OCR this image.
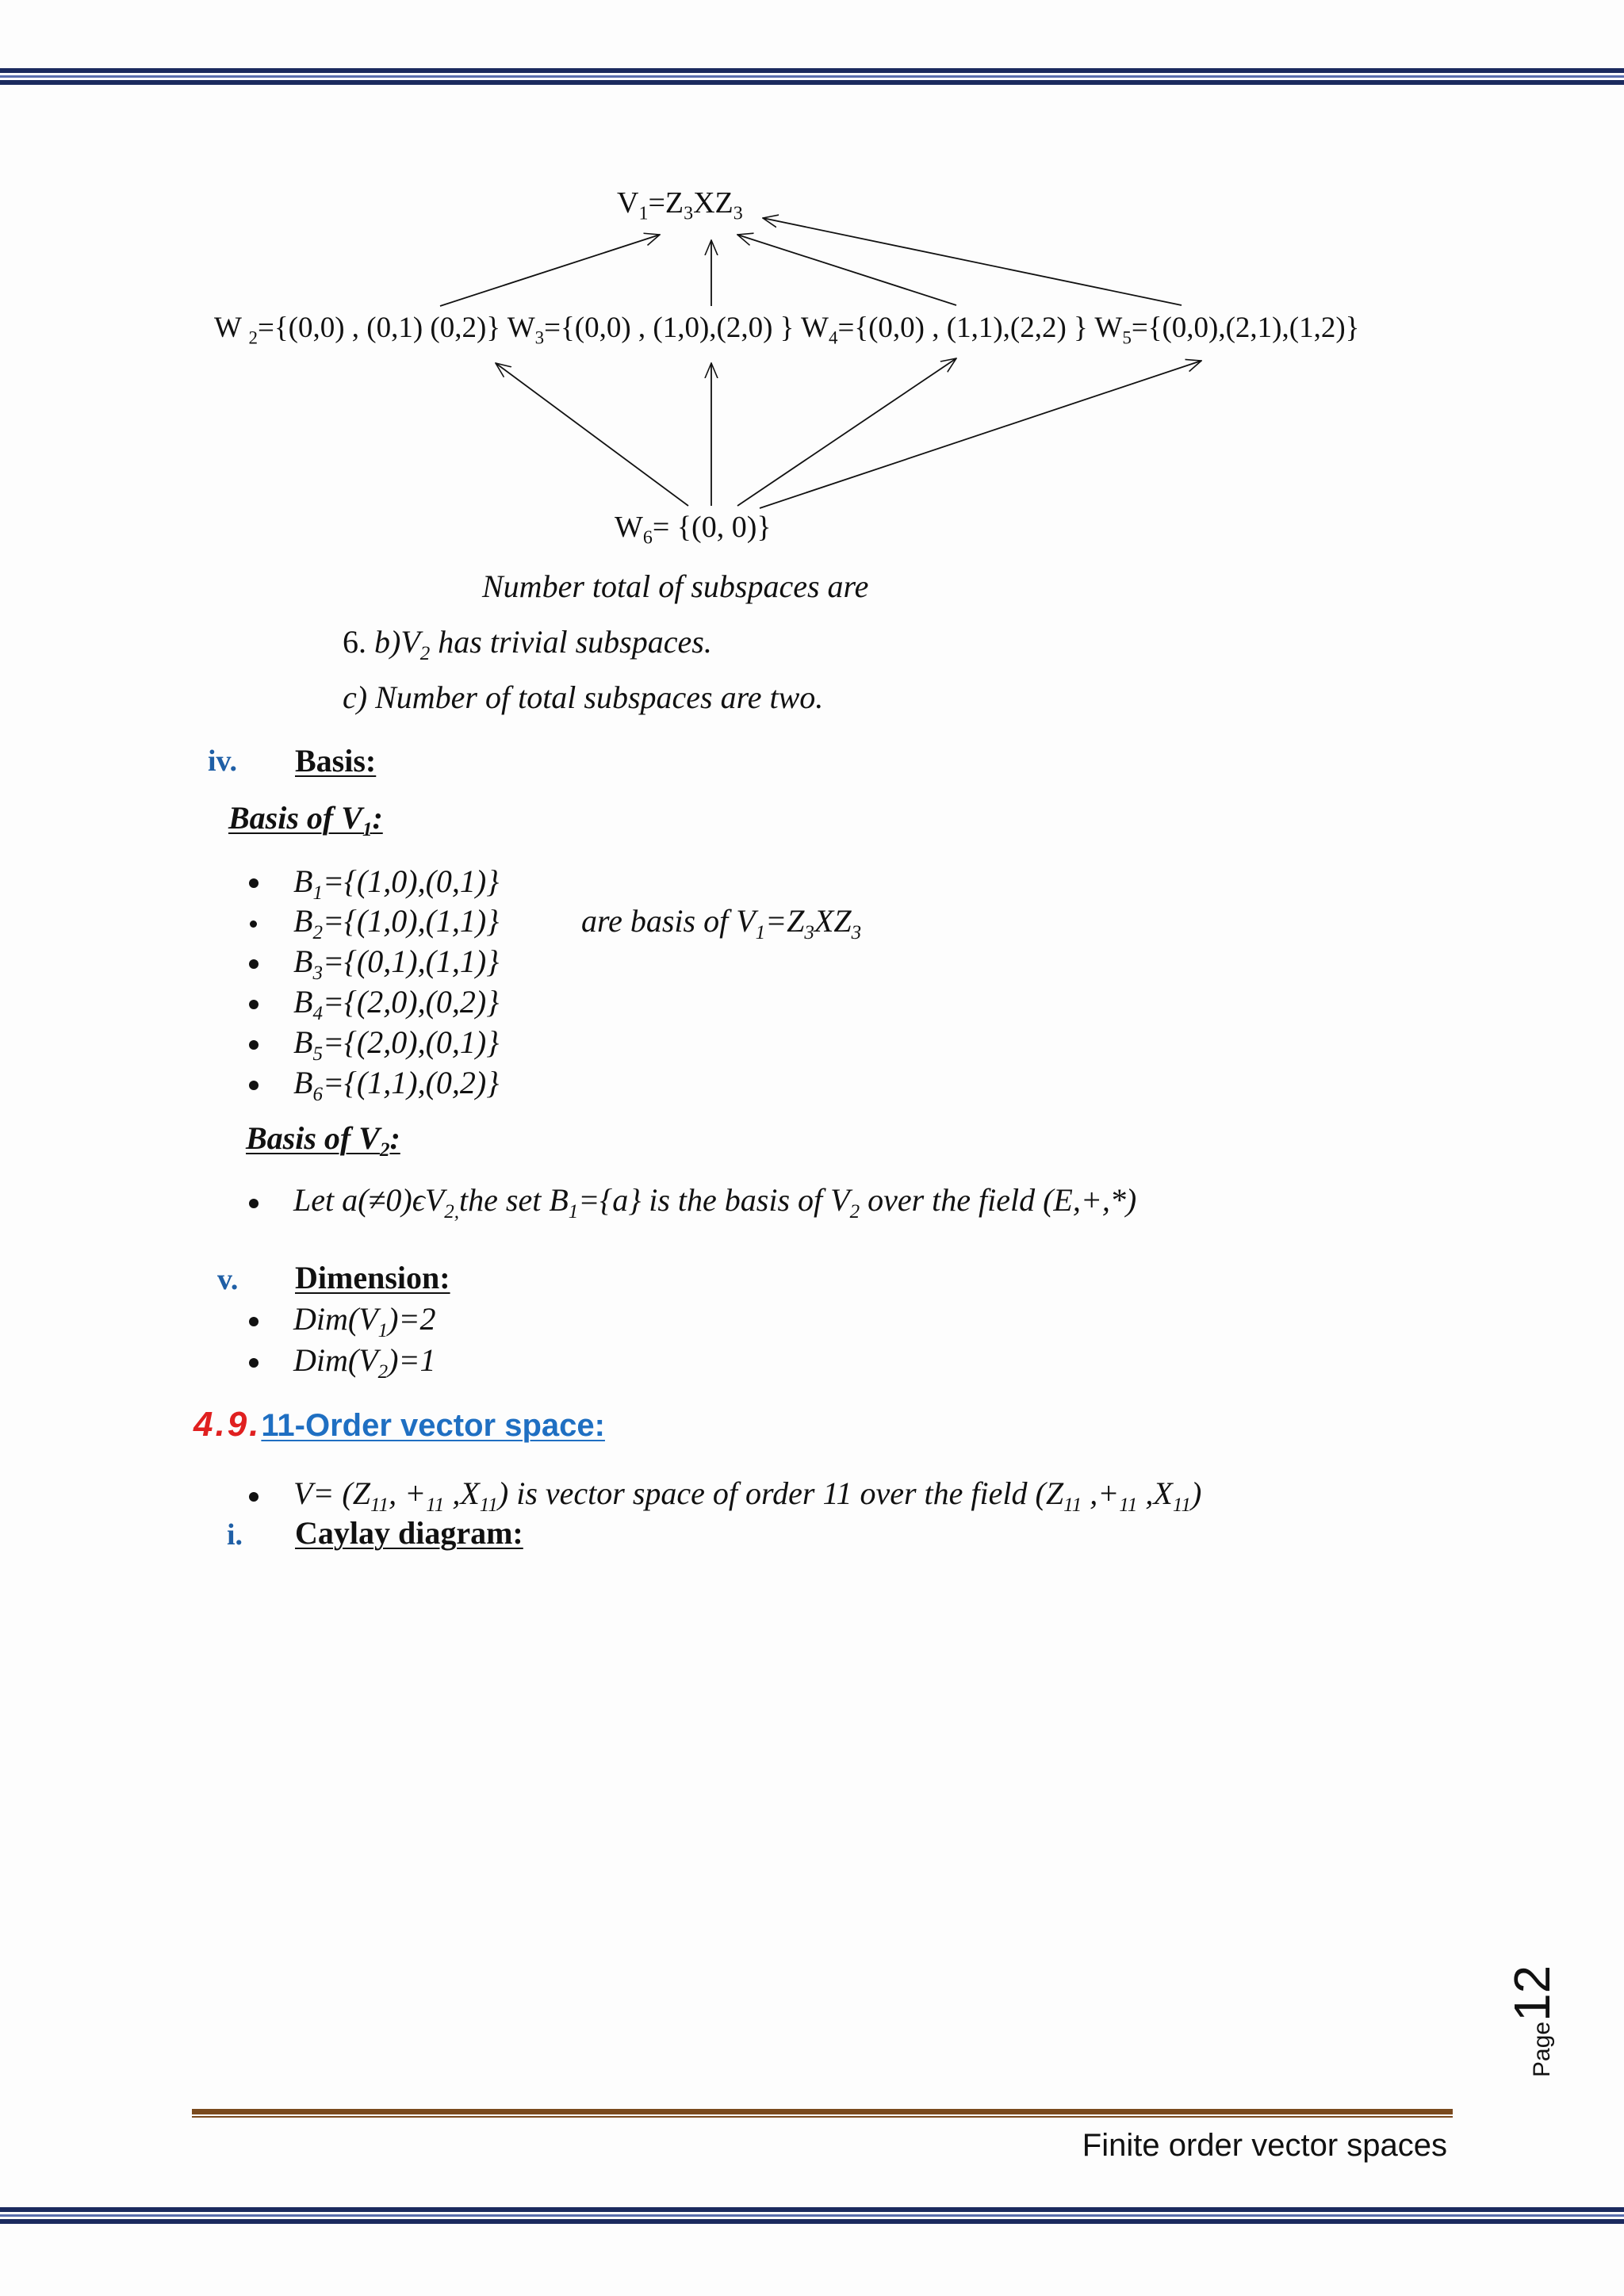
$V_1=Z_3XZ_3$
W $_2$={(0,0) , (0,1) (0,2)} $W_3=\{(0,0)$ , (1,0),(2,0) } $W_4=\{(0,0)$ , (1,1),(2,2) } $W_5=\{(0,0),(2,1),(1,2)\}$
$W_6= \{(0$, 0)}
Number total of subspaces are
6. $b)V_2$ has trivial subspaces.
c) Number of total subspaces are two.
iv. Basis:
Basis of $V_1$:
$B_1=\{(1,0),(0,1)\}$
$B_2=\{(1,0),(1,1)\}$	are basis of $V_1=Z_3XZ_3$
$B_3=\{(0,1),(1,1)\}$
$B_4=\{(2,0),(0,2)\}$
$B_5=\{(2,0),(0,1)\}$
$B_6=\{(1,1),(0,2)\}$
Basis of $V_2$:
Let $a(\ne 0)\epsilon V_{2,}the$ set $B_1=\{a\}$ is the basis of $V_2$ over the field (E,+,*)
v. Dimension:
$Dim(V_1)=2$
$Dim(V_2)=1$
4.9.11-Order vector space:
$V= (Z_{11}$, $+_{11}$ $,X_{11}$) is vector space of order 11 over the field ($Z_{11}$ $,+_{11}$ $,X_{11}$)
i. Caylay diagram:
Page12
Finite order vector spaces
